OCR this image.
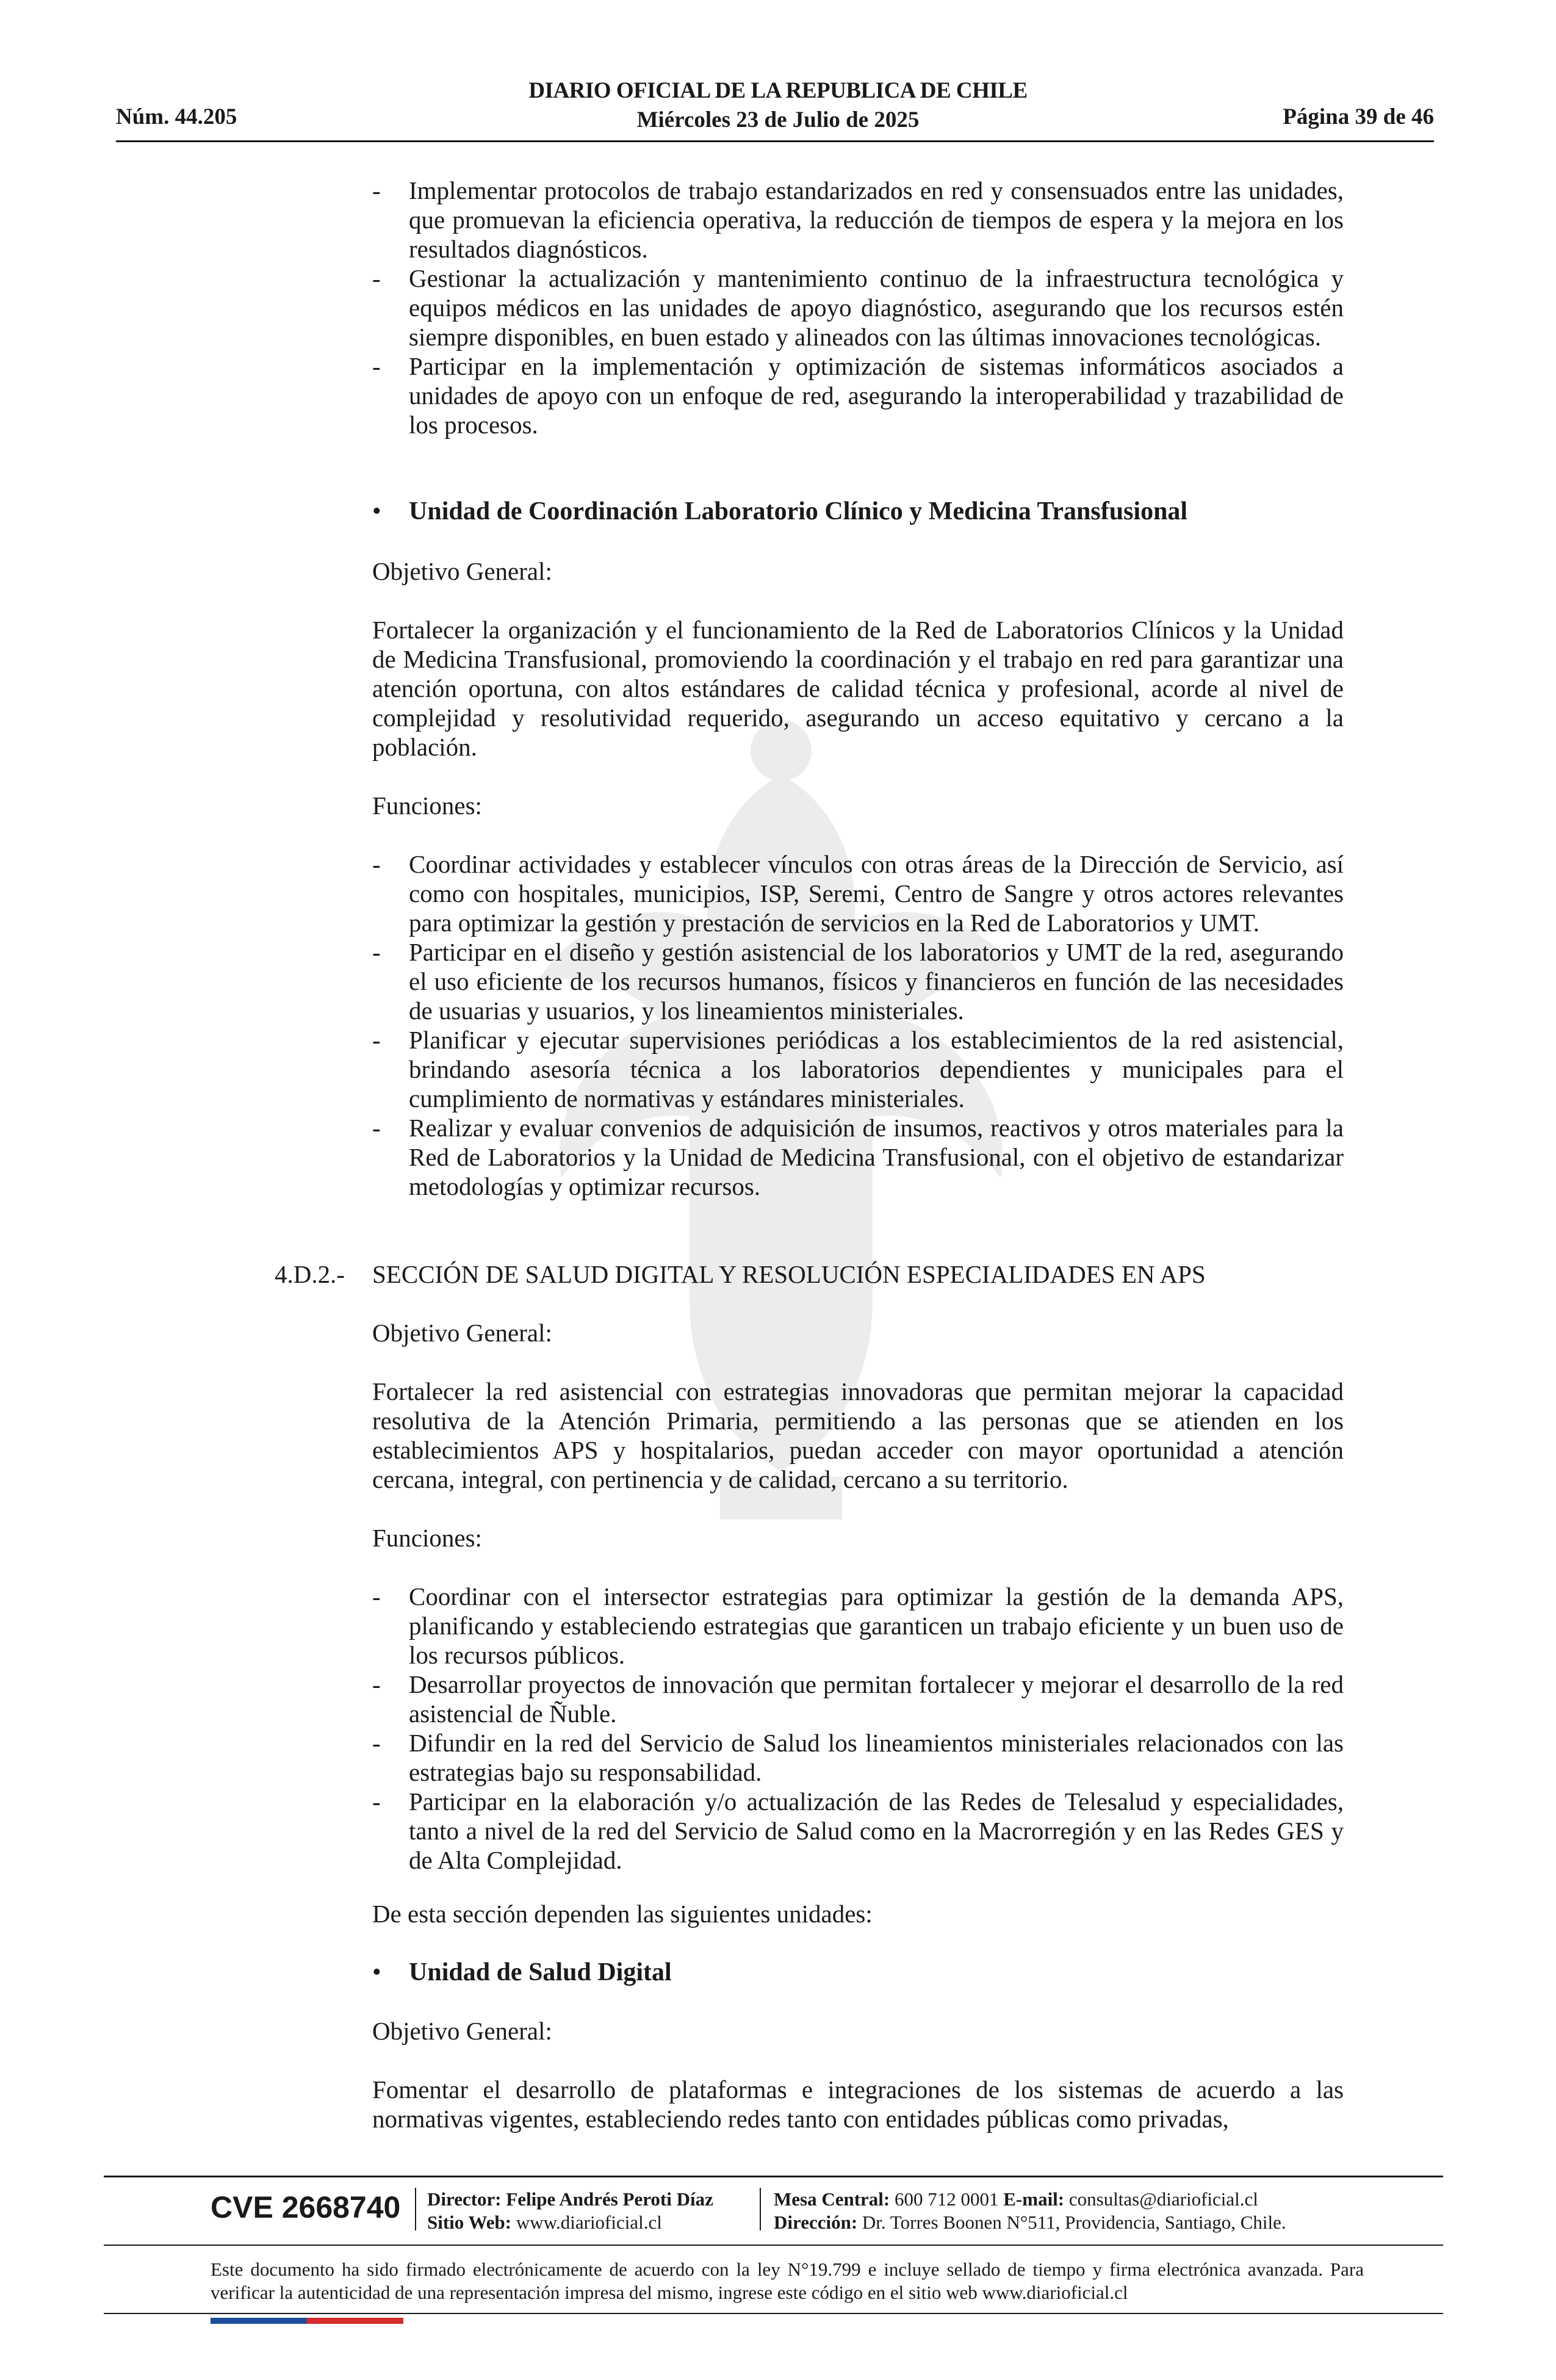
Núm. 44.205
DIARIO OFICIAL DE LA REPUBLICA DE CHILE
Miércoles 23 de Julio de 2025	Página 39 de 46
- Implementar protocolos de trabajo estandarizados en red y consensuados entre las unidades, que promuevan la eficiencia operativa, la reducción de tiempos de espera y la mejora en los resultados diagnósticos.
- Gestionar la actualización y mantenimiento continuo de la infraestructura tecnológica y equipos médicos en las unidades de apoyo diagnóstico, asegurando que los recursos estén siempre disponibles, en buen estado y alineados con las últimas innovaciones tecnológicas.
- Participar en la implementación y optimización de sistemas informáticos asociados a unidades de apoyo con un enfoque de red, asegurando la interoperabilidad y trazabilidad de los procesos.
• Unidad de Coordinación Laboratorio Clínico y Medicina Transfusional
Objetivo General:

Fortalecer la organización y el funcionamiento de la Red de Laboratorios Clínicos y la Unidad de Medicina Transfusional, promoviendo la coordinación y el trabajo en red para garantizar una atención oportuna, con altos estándares de calidad técnica y profesional, acorde al nivel de complejidad y resolutividad requerido, asegurando un acceso equitativo y cercano a la población.

Funciones:
- Coordinar actividades y establecer vínculos con otras áreas de la Dirección de Servicio, así como con hospitales, municipios, ISP, Seremi, Centro de Sangre y otros actores relevantes para optimizar la gestión y prestación de servicios en la Red de Laboratorios y UMT.
- Participar en el diseño y gestión asistencial de los laboratorios y UMT de la red, asegurando el uso eficiente de los recursos humanos, físicos y financieros en función de las necesidades de usuarias y usuarios, y los lineamientos ministeriales.
- Planificar y ejecutar supervisiones periódicas a los establecimientos de la red asistencial, brindando asesoría técnica a los laboratorios dependientes y municipales para el cumplimiento de normativas y estándares ministeriales.
- Realizar y evaluar convenios de adquisición de insumos, reactivos y otros materiales para la Red de Laboratorios y la Unidad de Medicina Transfusional, con el objetivo de estandarizar metodologías y optimizar recursos.
4.D.2.- SECCIÓN DE SALUD DIGITAL Y RESOLUCIÓN ESPECIALIDADES EN APS
Objetivo General:

Fortalecer la red asistencial con estrategias innovadoras que permitan mejorar la capacidad resolutiva de la Atención Primaria, permitiendo a las personas que se atienden en los establecimientos APS y hospitalarios, puedan acceder con mayor oportunidad a atención cercana, integral, con pertinencia y de calidad, cercano a su territorio.

Funciones:
- Coordinar con el intersector estrategias para optimizar la gestión de la demanda APS, planificando y estableciendo estrategias que garanticen un trabajo eficiente y un buen uso de los recursos públicos.
- Desarrollar proyectos de innovación que permitan fortalecer y mejorar el desarrollo de la red asistencial de Ñuble.
- Difundir en la red del Servicio de Salud los lineamientos ministeriales relacionados con las estrategias bajo su responsabilidad.
- Participar en la elaboración y/o actualización de las Redes de Telesalud y especialidades, tanto a nivel de la red del Servicio de Salud como en la Macrorregión y en las Redes GES y de Alta Complejidad.
De esta sección dependen las siguientes unidades:
• Unidad de Salud Digital
Objetivo General:

Fomentar el desarrollo de plataformas e integraciones de los sistemas de acuerdo a las normativas vigentes, estableciendo redes tanto con entidades públicas como privadas,

CVE 2668740 Director: Felipe Andrés Peroti Díaz
Sitio Web: www.diarioficial.cl
Mesa Central: 600 712 0001 E-mail: consultas@diarioficial.cl
Dirección: Dr. Torres Boonen N°511, Providencia, Santiago, Chile.
Este documento ha sido firmado electrónicamente de acuerdo con la ley N°19.799 e incluye sellado de tiempo y firma electrónica avanzada. Para verificar la autenticidad de una representación impresa del mismo, ingrese este código en el sitio web www.diarioficial.cl
